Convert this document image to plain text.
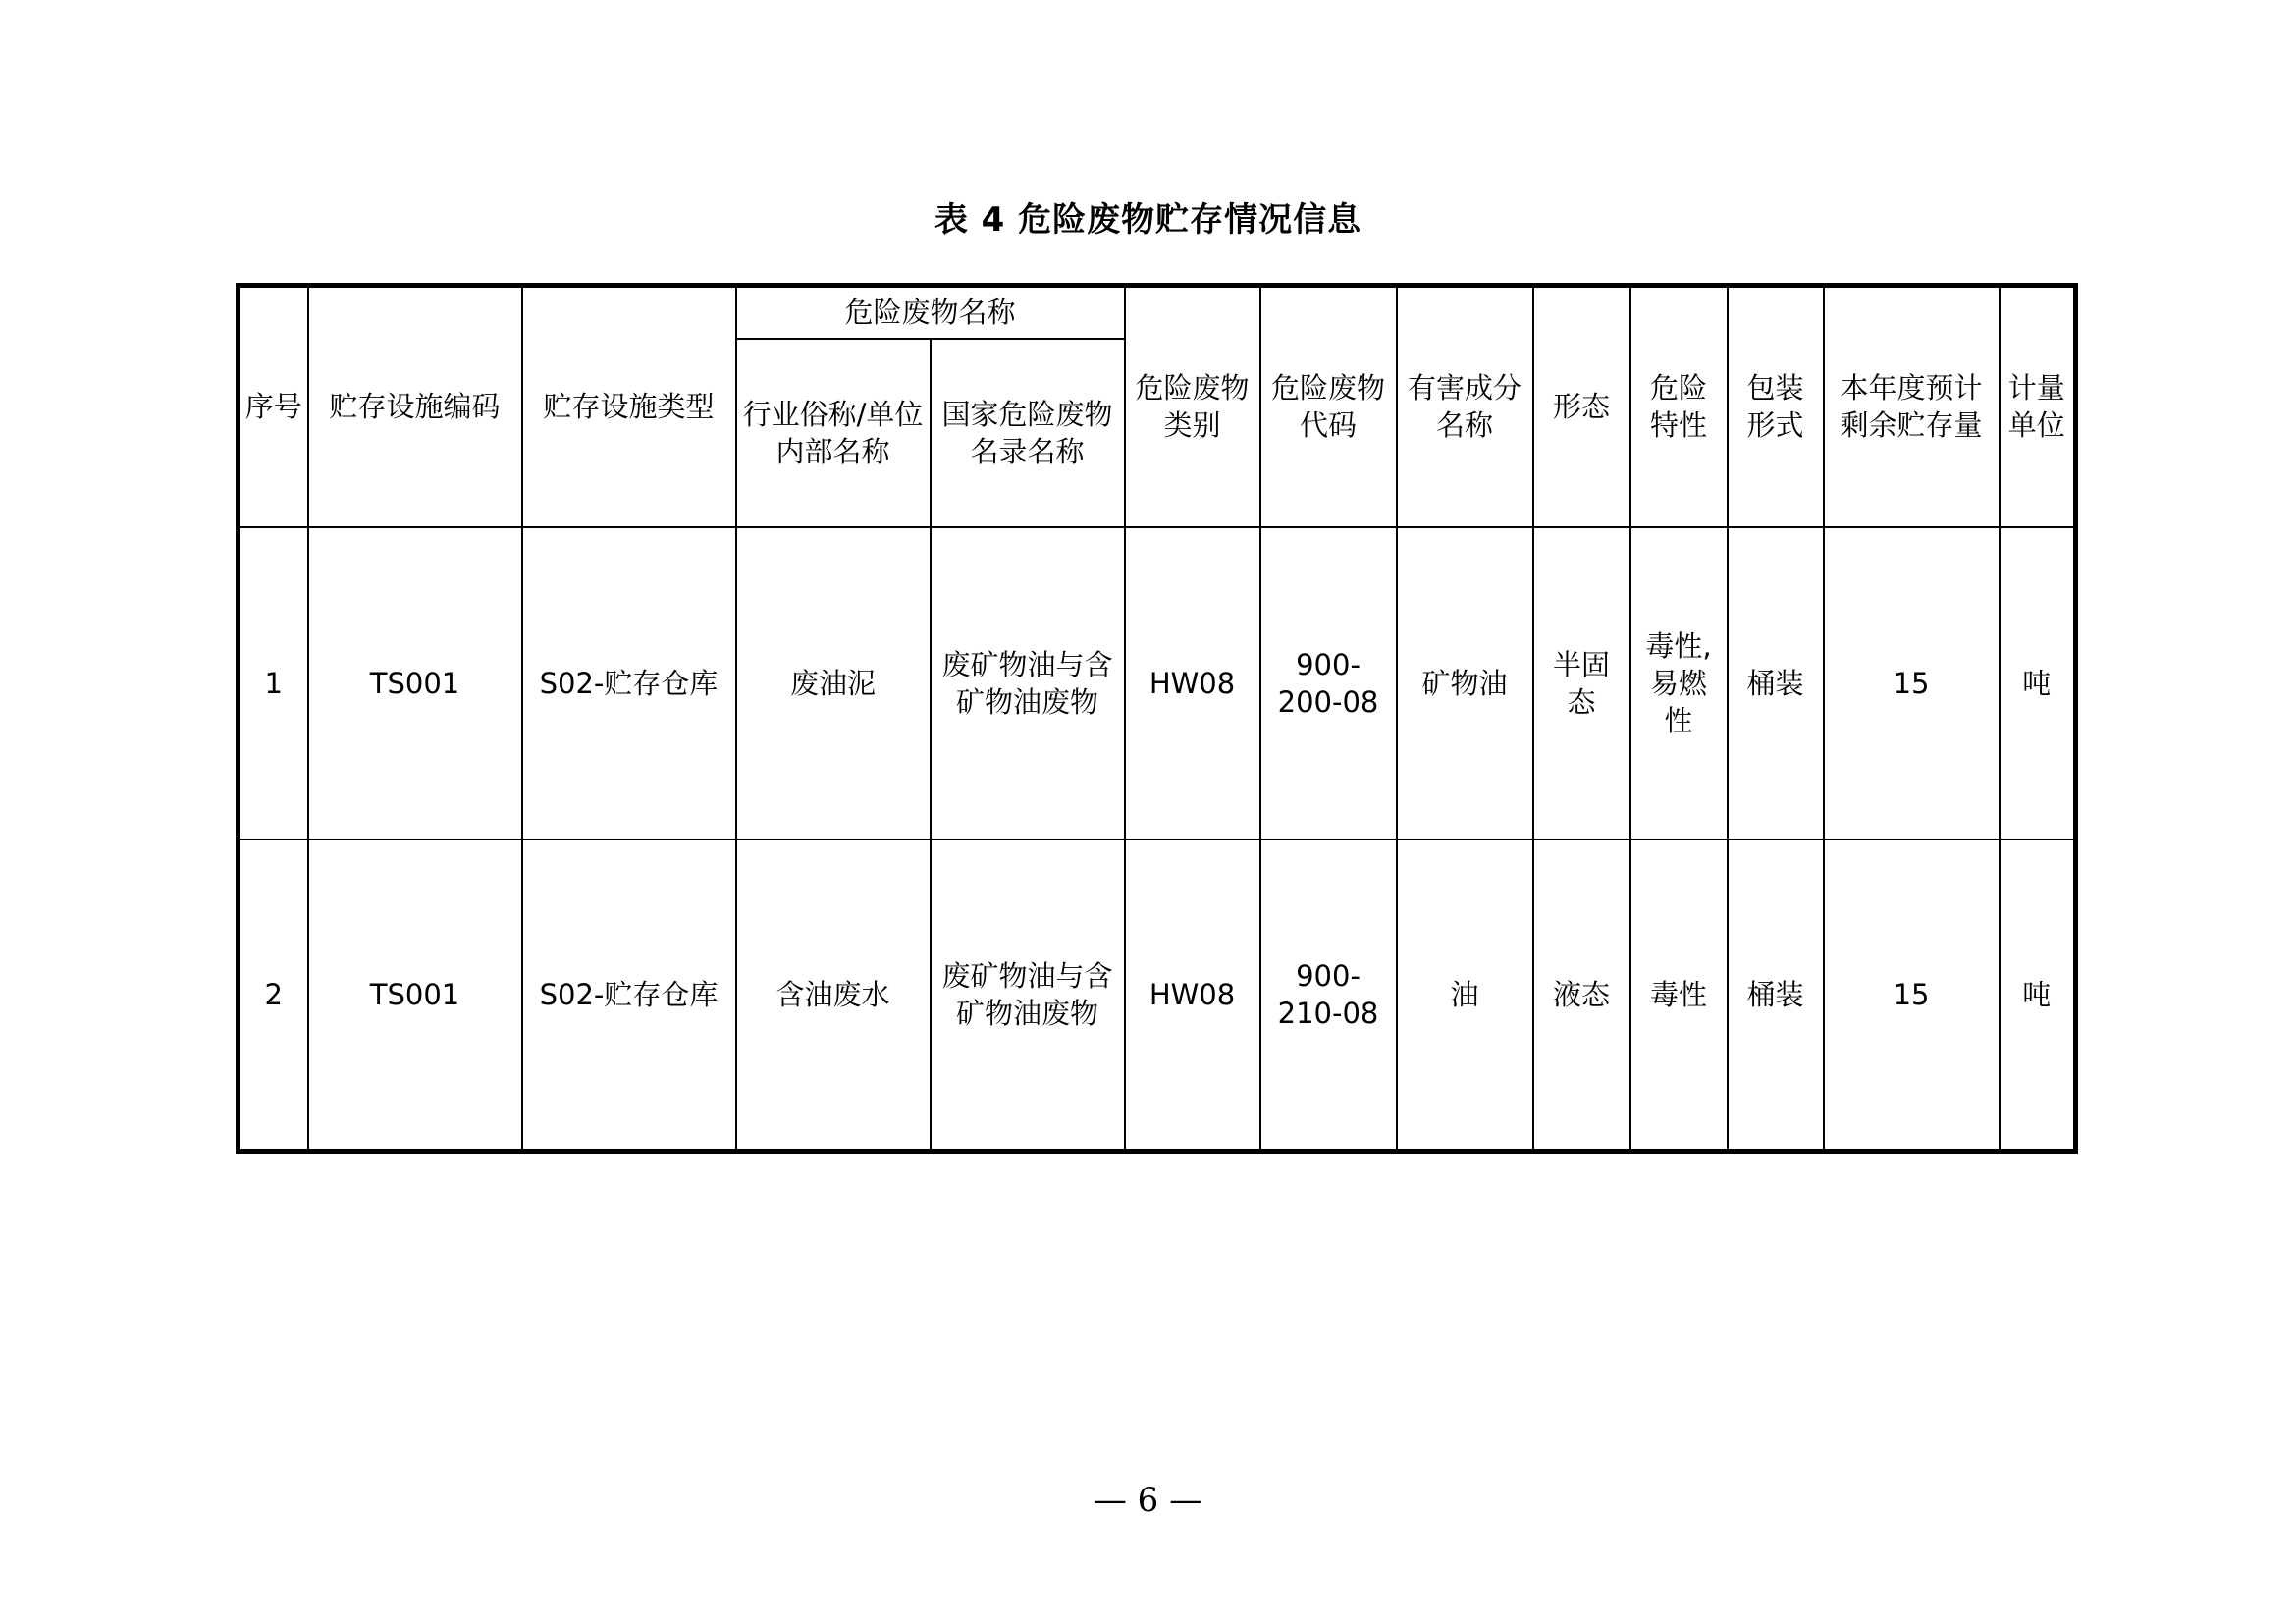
表 4 危险废物贮存情况信息
序号	贮存设施编码	贮存设施类型	危险废物名称		危险废物类别	危险废物代码	有害成分名称	形态	危险特性	包装形式	本年度预计剩余贮存量	计量单位
			行业俗称/单位内部名称	国家危险废物名录名称								
1	TS001	S02-贮存仓库	废油泥	废矿物油与含矿物油废物	HW08	900-200-08	矿物油	半固态	毒性,易燃性	桶装	15	吨
2	TS001	S02-贮存仓库	含油废水	废矿物油与含矿物油废物	HW08	900-210-08	油	液态	毒性	桶装	15	吨
— 6 —
